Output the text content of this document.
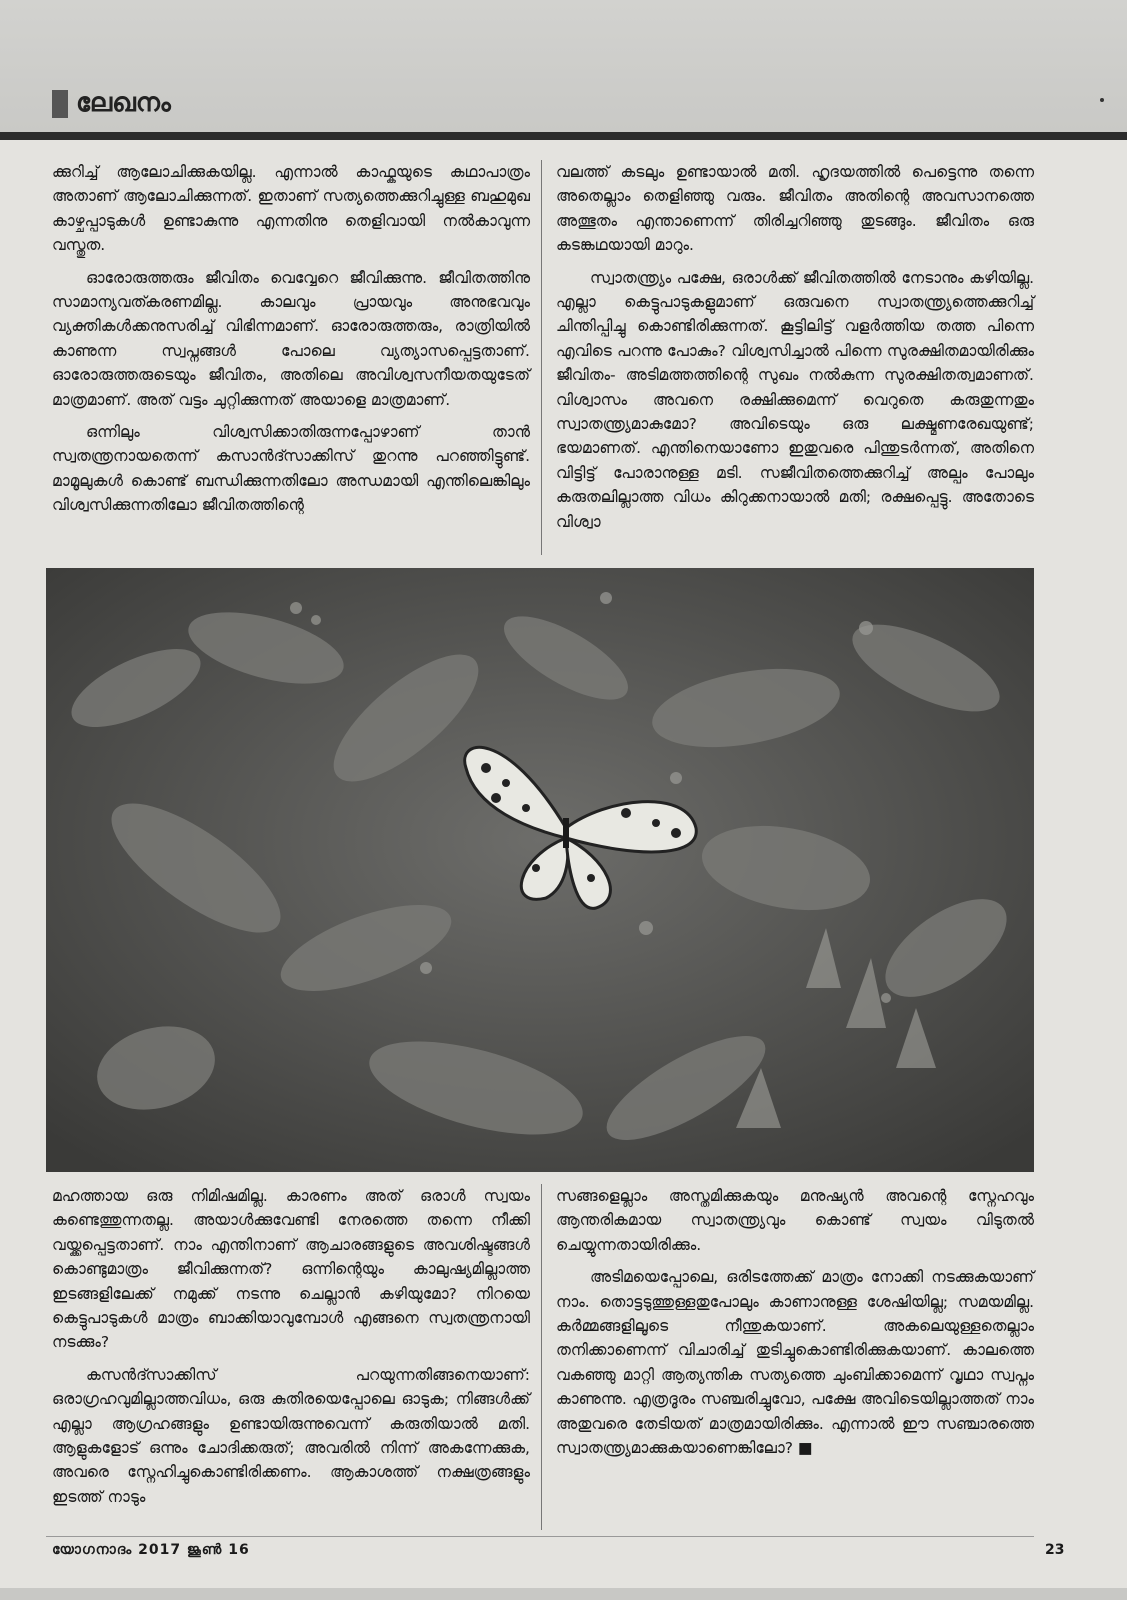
ലേഖനം

ക്കുറിച്ച് ആലോചിക്കുകയില്ല. എന്നാൽ കാഫ്കയുടെ കഥാപാത്രം അതാണ് ആലോചിക്കുന്നത്. ഇതാണ് സത്യത്തെക്കുറിച്ചുള്ള ബഹുമുഖ കാഴ്ചപ്പാടുകൾ ഉണ്ടാകുന്നു എന്നതിനു തെളിവായി നൽകാവുന്ന വസ്തുത.

ഓരോരുത്തരും ജീവിതം വെവ്വേറെ ജീവിക്കുന്നു. ജീവിതത്തിനു സാമാന്യവത്കരണമില്ല. കാലവും പ്രായവും അനുഭവവും വ്യക്തികൾക്കനുസരിച്ച് വിഭിന്നമാണ്. ഓരോരുത്തരും, രാത്രിയിൽ കാണുന്ന സ്വപ്നങ്ങൾ പോലെ വ്യത്യാസപ്പെട്ടതാണ്. ഓരോരുത്തരുടെയും ജീവിതം, അതിലെ അവിശ്വസനീയതയുടേത് മാത്രമാണ്. അത് വട്ടം ചുറ്റിക്കുന്നത് അയാളെ മാത്രമാണ്.

ഒന്നിലും വിശ്വസിക്കാതിരുന്നപ്പോഴാണ് താൻ സ്വതന്ത്രനായതെന്ന് കസാൻദ്സാക്കിസ് തുറന്നു പറഞ്ഞിട്ടുണ്ട്. മാമൂലുകൾ കൊണ്ട് ബന്ധിക്കുന്നതിലോ അന്ധമായി എന്തിലെങ്കിലും വിശ്വസിക്കുന്നതിലോ ജീവിതത്തിന്റെ

വലത്ത് കടലും ഉണ്ടായാൽ മതി. ഹൃദയത്തിൽ പെട്ടെന്നു തന്നെ അതെല്ലാം തെളിഞ്ഞു വരും. ജീവിതം അതിന്റെ അവസാനത്തെ അത്ഭുതം എന്താണെന്ന് തിരിച്ചറിഞ്ഞു തുടങ്ങും. ജീവിതം ഒരു കടങ്കഥയായി മാറും.

സ്വാതന്ത്ര്യം പക്ഷേ, ഒരാൾക്ക് ജീവിതത്തിൽ നേടാനും കഴിയില്ല. എല്ലാ കെട്ടുപാടുകളുമാണ് ഒരുവനെ സ്വാതന്ത്ര്യത്തെക്കുറിച്ച് ചിന്തിപ്പിച്ചു കൊണ്ടിരിക്കുന്നത്. കൂട്ടിലിട്ട് വളർത്തിയ തത്ത പിന്നെ എവിടെ പറന്നു പോകും? വിശ്വസിച്ചാൽ പിന്നെ സുരക്ഷിതമായിരിക്കും ജീവിതം- അടിമത്തത്തിന്റെ സുഖം നൽകുന്ന സുരക്ഷിതത്വമാണത്. വിശ്വാസം അവനെ രക്ഷിക്കുമെന്ന് വെറുതെ കരുതുന്നതും സ്വാതന്ത്ര്യമാകുമോ? അവിടെയും ഒരു ലക്ഷ്മണരേഖയുണ്ട്; ഭയമാണത്. എന്തിനെയാണോ ഇതുവരെ പിന്തുടർന്നത്, അതിനെ വിട്ടിട്ട് പോരാനുള്ള മടി. സജീവിതത്തെക്കുറിച്ച് അല്പം പോലും കരുതലില്ലാത്ത വിധം കിറുക്കനായാൽ മതി; രക്ഷപ്പെട്ടു. അതോടെ വിശ്വാ

മഹത്തായ ഒരു നിമിഷമില്ല. കാരണം അത് ഒരാൾ സ്വയം കണ്ടെത്തുന്നതല്ല. അയാൾക്കുവേണ്ടി നേരത്തെ തന്നെ നീക്കി വയ്ക്കപ്പെട്ടതാണ്. നാം എന്തിനാണ് ആചാരങ്ങളുടെ അവശിഷ്ടങ്ങൾ കൊണ്ടുമാത്രം ജീവിക്കുന്നത്? ഒന്നിന്റെയും കാലുഷ്യമില്ലാത്ത ഇടങ്ങളിലേക്ക് നമുക്ക് നടന്നു ചെല്ലാൻ കഴിയുമോ? നിറയെ കെട്ടുപാടുകൾ മാത്രം ബാക്കിയാവുമ്പോൾ എങ്ങനെ സ്വതന്ത്രനായി നടക്കും?

കസൻദ്സാക്കിസ് പറയുന്നതിങ്ങനെയാണ്: ഒരാഗ്രഹവുമില്ലാത്തവിധം, ഒരു കുതിരയെപ്പോലെ ഓടുക; നിങ്ങൾക്ക് എല്ലാ ആഗ്രഹങ്ങളും ഉണ്ടായിരുന്നുവെന്ന് കരുതിയാൽ മതി. ആളുകളോട് ഒന്നും ചോദിക്കരുത്; അവരിൽ നിന്ന് അകന്നേക്കുക, അവരെ സ്നേഹിച്ചുകൊണ്ടിരിക്കണം. ആകാശത്ത് നക്ഷത്രങ്ങളും ഇടത്ത് നാടും

സങ്ങളെല്ലാം അസ്തമിക്കുകയും മനുഷ്യൻ അവന്റെ സ്നേഹവും ആന്തരികമായ സ്വാതന്ത്ര്യവും കൊണ്ട് സ്വയം വിടുതൽ ചെയ്യുന്നതായിരിക്കും.

അടിമയെപ്പോലെ, ഒരിടത്തേക്ക് മാത്രം നോക്കി നടക്കുകയാണ് നാം. തൊട്ടടുത്തുള്ളതുപോലും കാണാനുള്ള ശേഷിയില്ല; സമയമില്ല. കർമ്മങ്ങളിലൂടെ നീന്തുകയാണ്. അകലെയുള്ളതെല്ലാം തനിക്കാണെന്ന് വിചാരിച്ച് തുടിച്ചുകൊണ്ടിരിക്കുകയാണ്. കാലത്തെ വകഞ്ഞു മാറ്റി ആത്യന്തിക സത്യത്തെ ചുംബിക്കാമെന്ന് വൃഥാ സ്വപ്നം കാണുന്നു. എത്രദൂരം സഞ്ചരിച്ചുവോ, പക്ഷേ അവിടെയില്ലാത്തത് നാം അതുവരെ തേടിയത് മാത്രമായിരിക്കും. എന്നാൽ ഈ സഞ്ചാരത്തെ സ്വാതന്ത്ര്യമാക്കുകയാണെങ്കിലോ? ■

യോഗനാദം 2017 ജൂൺ 16	23
